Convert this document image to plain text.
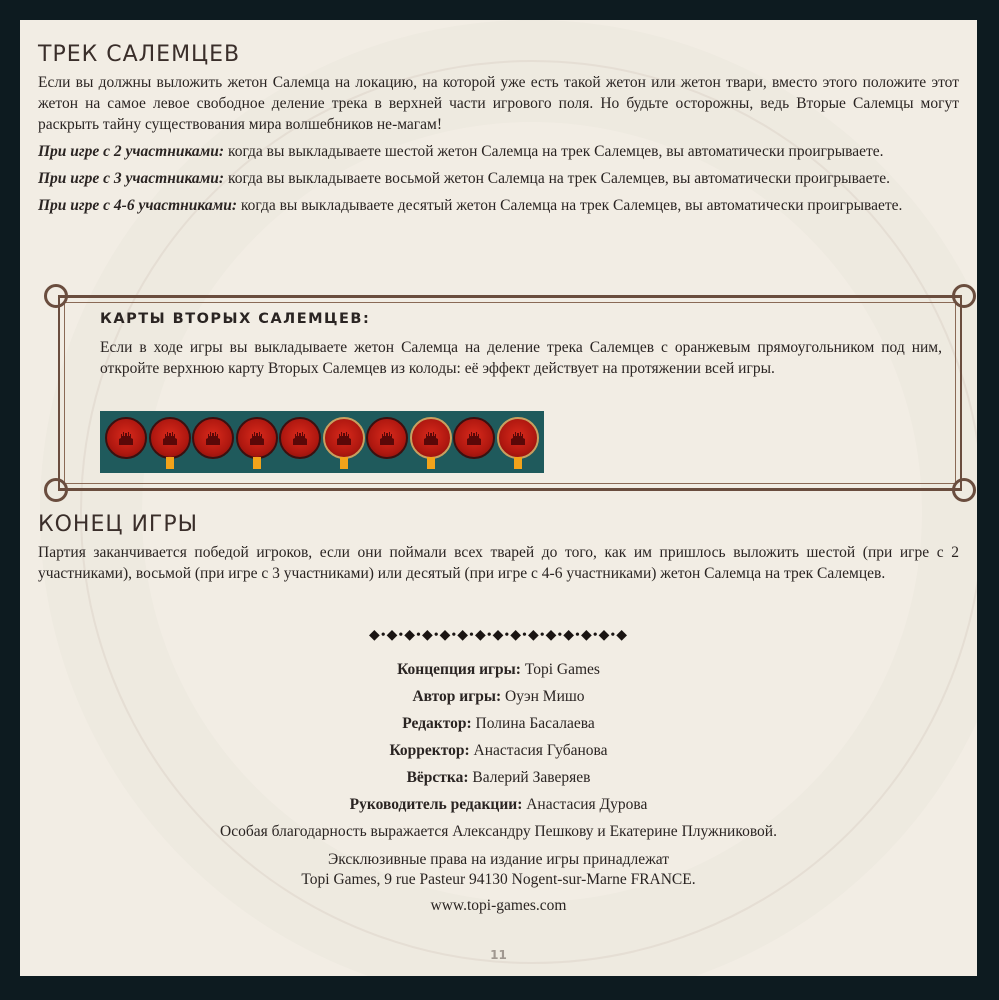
ТРЕК САЛЕМЦЕВ

Если вы должны выложить жетон Салемца на локацию, на которой уже есть такой жетон или жетон твари, вместо этого положите этот жетон на самое левое свободное деление трека в верхней части игрового поля. Но будьте осторожны, ведь Вторые Салемцы могут раскрыть тайну существования мира волшебников не-магам!

При игре с 2 участниками: когда вы выкладываете шестой жетон Салемца на трек Салемцев, вы автоматически проигрываете.

При игре с 3 участниками: когда вы выкладываете восьмой жетон Салемца на трек Салемцев, вы автоматически проигрываете.

При игре с 4-6 участниками: когда вы выкладываете десятый жетон Салемца на трек Салемцев, вы автоматически проигрываете.

КАРТЫ ВТОРЫХ САЛЕМЦЕВ:
Если в ходе игры вы выкладываете жетон Салемца на деление трека Салемцев с оранжевым прямоугольником под ним, откройте верхнюю карту Вторых Салемцев из колоды: её эффект действует на протяжении всей игры.
КОНЕЦ ИГРЫ

Партия заканчивается победой игроков, если они поймали всех тварей до того, как им пришлось выложить шестой (при игре с 2 участниками), восьмой (при игре с 3 участниками) или десятый (при игре с 4-6 участниками) жетон Салемца на трек Салемцев.

◆•◆•◆•◆•◆•◆•◆•◆•◆•◆•◆•◆•◆•◆•◆
Концепция игры: Topi Games
Автор игры: Оуэн Мишо
Редактор: Полина Басалаева
Корректор: Анастасия Губанова
Вёрстка: Валерий Заверяев
Руководитель редакции: Анастасия Дурова
Особая благодарность выражается Александру Пешкову и Екатерине Плужниковой.
Эксклюзивные права на издание игры принадлежат
Topi Games, 9 rue Pasteur 94130 Nogent-sur-Marne FRANCE.
www.topi-games.com
11
